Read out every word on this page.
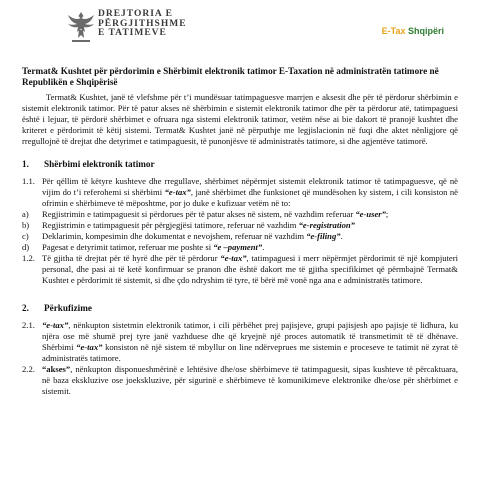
DREJTORIA E
PËRGJITHSHME
E TATIMEVE	E-Tax Shqipëri
Termat& Kushtet për përdorimin e Shërbimit elektronik tatimor E-Taxation në administratën tatimore në Republikën e Shqipërisë

Termat& Kushtet, janë të vlefshme për t’i mundësuar tatimpaguesve marrjen e aksesit dhe për të përdorur shërbimin e sistemit elektronik tatimor. Për të patur akses në shërbimin e sistemit elektronik tatimor dhe për ta përdorur atë, tatimpaguesi është i lejuar, të përdorë shërbimet e ofruara nga sistemi elektronik tatimor, vetëm nëse ai bie dakort të pranojë kushtet dhe kriteret e përdorimit të këtij sistemi. Termat& Kushtet janë në përputhje me legjislacionin në fuqi dhe aktet nënligjore që rregullojnë të drejtat dhe detyrimet e tatimpaguesit, të punonjësve të administratës tatimore, si dhe agjentëve tatimorë.

1. Shërbimi elektronik tatimor
1.1. Për qëllim të këtyre kushteve dhe rregullave, shërbimet nëpërmjet sistemit elektronik tatimor të tatimpaguesve, që në vijim do t’i referohemi si shërbimi “e-tax”, janë shërbimet dhe funksionet që mundësohen ky sistem, i cili konsiston në ofrimin e shërbimeve të mëposhtme, por jo duke e kufizuar vetëm në to:
a)	Regjistrimin e tatimpaguesit si përdorues për të patur akses në sistem, në vazhdim referuar “e-user”;
b)	Regjistrimin e tatimpaguesit për përgjegjësi tatimore, referuar në vazhdim “e-registration”
c)	Deklarimin, kompesimin dhe dokumentat e nevojshem, referuar në vazhdim “e-filing”.
d)	Pagesat e detyrimit tatimor, referuar me poshte si “e –payment”.
1.2. Të gjitha të drejtat për të hyrë dhe për të përdorur “e-tax”, tatimpaguesi i merr nëpërmjet përdorimit të një kompjuteri personal, dhe pasi ai të ketë konfirmuar se pranon dhe është dakort me të gjitha specifikimet që përmbajnë Termat& Kushtet e përdorimit të sistemit, si dhe çdo ndryshim të tyre, të bërë më vonë nga ana e administratës tatimore.
2. Përkufizime
2.1. “e-tax”, nënkupton sistetmin elektronik tatimor, i cili përbëhet prej pajisjeve, grupi pajisjesh apo pajisje të lidhura, ku njëra ose më shumë prej tyre janë vazhduese dhe që kryejnë një proces automatik të transmetimit të të dhënave. Shërbimi “e-tax” konsiston në një sistem të mbyllur on line ndërveprues me sistemin e proceseve te tatimit në zyrat të administratës tatimore.
2.2. “akses”, nënkupton disponueshmërinë e lehtësive dhe/ose shërbimeve të tatimpaguesit, sipas kushteve të përcaktuara, në baza ekskluzive ose joekskluzive, për sigurinë e shërbimeve të komunikimeve elektronike dhe/ose për shërbimet e sistemit.
